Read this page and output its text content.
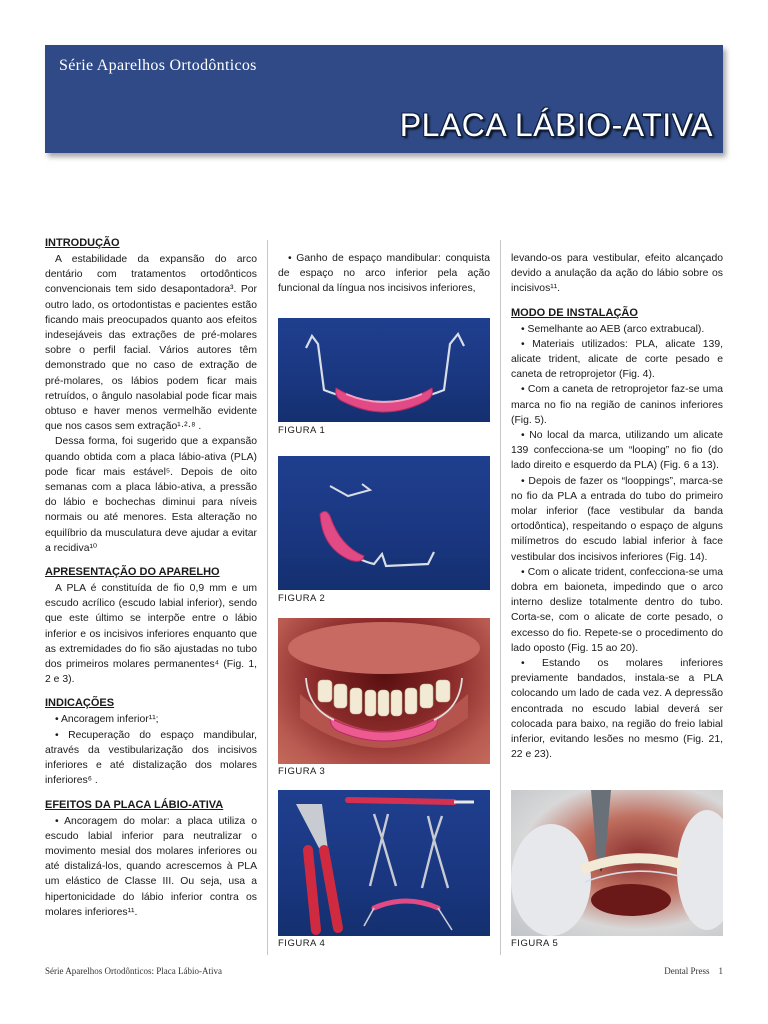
Série Aparelhos Ortodônticos
PLACA LÁBIO-ATIVA
INTRODUÇÃO

A estabilidade da expansão do arco dentário com tratamentos ortodônticos convencionais tem sido desapontadora³. Por outro lado, os ortodontistas e pacientes estão ficando mais preocupados quanto aos efeitos indesejáveis das extrações de pré-molares sobre o perfil facial. Vários autores têm demonstrado que no caso de extração de pré-molares, os lábios podem ficar mais retruídos, o ângulo nasolabial pode ficar mais obtuso e haver menos vermelhão evidente que nos casos sem extração¹·²·⁸ .

Dessa forma, foi sugerido que a expansão quando obtida com a placa lábio-ativa (PLA) pode ficar mais estável⁵. Depois de oito semanas com a placa lábio-ativa, a pressão do lábio e bochechas diminui para níveis normais ou até menores. Esta alteração no equilíbrio da musculatura deve ajudar a evitar a recidiva¹⁰

APRESENTAÇÃO DO APARELHO

A PLA é constituída de fio 0,9 mm e um escudo acrílico (escudo labial inferior), sendo que este último se interpõe entre o lábio inferior e os incisivos inferiores enquanto que as extremidades do fio são ajustadas no tubo dos primeiros molares permanentes⁴ (Fig. 1, 2 e 3).

INDICAÇÕES

• Ancoragem inferior¹¹;

• Recuperação do espaço mandibular, através da vestibularização dos incisivos inferiores e até distalização dos molares inferiores⁶ .

EFEITOS DA PLACA LÁBIO-ATIVA

• Ancoragem do molar: a placa utiliza o escudo labial inferior para neutralizar o movimento mesial dos molares inferiores ou até distalizá-los, quando acrescemos à PLA um elástico de Classe III. Ou seja, usa a hipertonicidade do lábio inferior contra os molares inferiores¹¹.

• Ganho de espaço mandibular: conquista de espaço no arco inferior pela ação funcional da língua nos incisivos inferiores,

levando-os para vestibular, efeito alcançado devido a anulação da ação do lábio sobre os incisivos¹¹.

MODO DE INSTALAÇÃO

• Semelhante ao AEB (arco extrabucal).

• Materiais utilizados: PLA, alicate 139, alicate trident, alicate de corte pesado e caneta de retroprojetor (Fig. 4).

• Com a caneta de retroprojetor faz-se uma marca no fio na região de caninos inferiores (Fig. 5).

• No local da marca, utilizando um alicate 139 confecciona-se um “looping” no fio (do lado direito e esquerdo da PLA) (Fig. 6 a 13).

• Depois de fazer os “looppings”, marca-se no fio da PLA a entrada do tubo do primeiro molar inferior (face vestibular da banda ortodôntica), respeitando o espaço de alguns milímetros do escudo labial inferior à face vestibular dos incisivos inferiores (Fig. 14).

• Com o alicate trident, confecciona-se uma dobra em baioneta, impedindo que o arco interno deslize totalmente dentro do tubo. Corta-se, com o alicate de corte pesado, o excesso do fio. Repete-se o procedimento do lado oposto (Fig. 15 ao 20).

• Estando os molares inferiores previamente bandados, instala-se a PLA colocando um lado de cada vez. A depressão encontrada no escudo labial deverá ser colocada para baixo, na região do freio labial inferior, evitando lesões no mesmo (Fig. 21, 22 e 23).

FIGURA 1
FIGURA 2
FIGURA 3
FIGURA 4	FIGURA 5
Série Aparelhos Ortodônticos: Placa Lábio-Ativa	Dental Press    1
